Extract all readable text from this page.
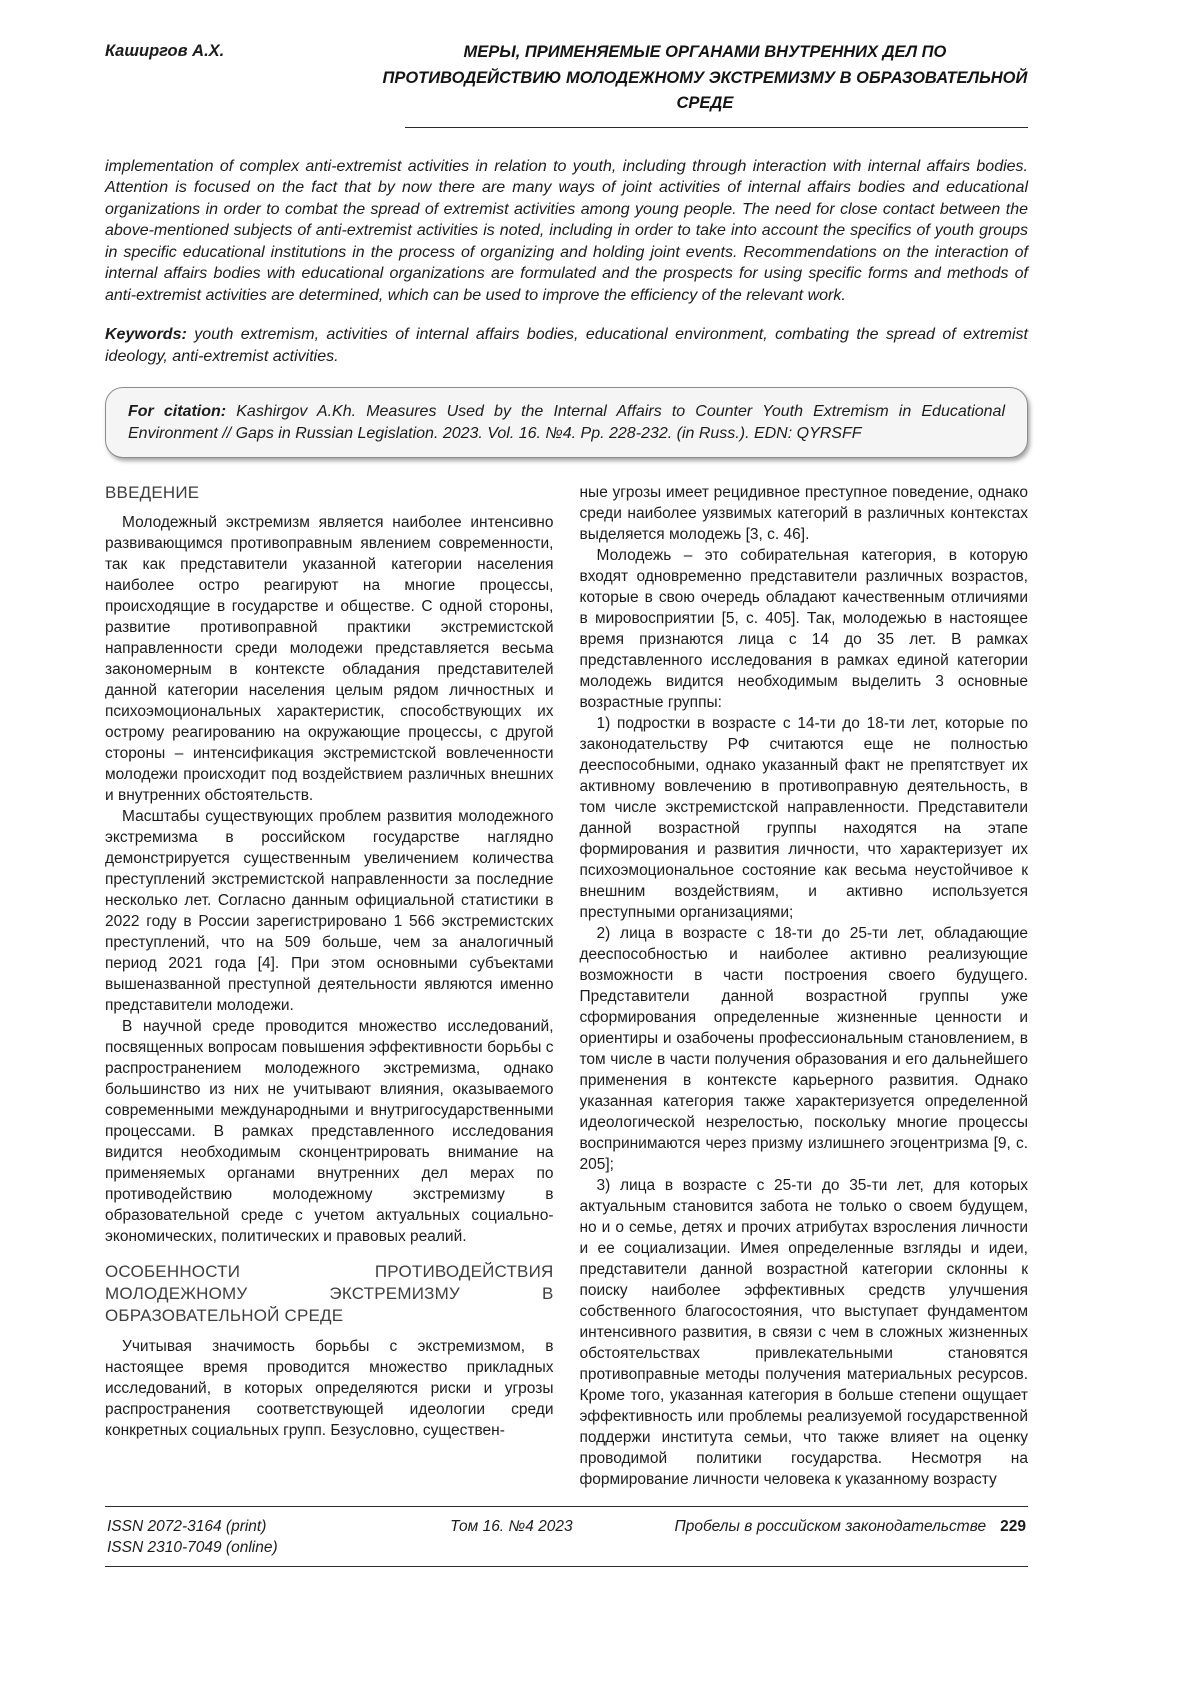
Каширгов А.Х.	МЕРЫ, ПРИМЕНЯЕМЫЕ ОРГАНАМИ ВНУТРЕННИХ ДЕЛ ПО ПРОТИВОДЕЙСТВИЮ МОЛОДЕЖНОМУ ЭКСТРЕМИЗМУ В ОБРАЗОВАТЕЛЬНОЙ СРЕДЕ

implementation of complex anti-extremist activities in relation to youth, including through interaction with internal affairs bodies. Attention is focused on the fact that by now there are many ways of joint activities of internal affairs bodies and educational organizations in order to combat the spread of extremist activities among young people. The need for close contact between the above-mentioned subjects of anti-extremist activities is noted, including in order to take into account the specifics of youth groups in specific educational institutions in the process of organizing and holding joint events. Recommendations on the interaction of internal affairs bodies with educational organizations are formulated and the prospects for using specific forms and methods of anti-extremist activities are determined, which can be used to improve the efficiency of the relevant work.

Keywords: youth extremism, activities of internal affairs bodies, educational environment, combating the spread of extremist ideology, anti-extremist activities.

For citation: Kashirgov A.Kh. Measures Used by the Internal Affairs to Counter Youth Extremism in Educational Environment // Gaps in Russian Legislation. 2023. Vol. 16. №4. Pp. 228-232. (in Russ.). EDN: QYRSFF
ВВЕДЕНИЕ

Молодежный экстремизм является наиболее интенсивно развивающимся противоправным явлением современности, так как представители указанной категории населения наиболее остро реагируют на многие процессы, происходящие в государстве и обществе. С одной стороны, развитие противоправной практики экстремистской направленности среди молодежи представляется весьма закономерным в контексте обладания представителей данной категории населения целым рядом личностных и психоэмоциональных характеристик, способствующих их острому реагированию на окружающие процессы, с другой стороны – интенсификация экстремистской вовлеченности молодежи происходит под воздействием различных внешних и внутренних обстоятельств.

Масштабы существующих проблем развития молодежного экстремизма в российском государстве наглядно демонстрируется существенным увеличением количества преступлений экстремистской направленности за последние несколько лет. Согласно данным официальной статистики в 2022 году в России зарегистрировано 1 566 экстремистских преступлений, что на 509 больше, чем за аналогичный период 2021 года [4]. При этом основными субъектами вышеназванной преступной деятельности являются именно представители молодежи.

В научной среде проводится множество исследований, посвященных вопросам повышения эффективности борьбы с распространением молодежного экстремизма, однако большинство из них не учитывают влияния, оказываемого современными международными и внутригосударственными процессами. В рамках представленного исследования видится необходимым сконцентрировать внимание на применяемых органами внутренних дел мерах по противодействию молодежному экстремизму в образовательной среде с учетом актуальных социально-экономических, политических и правовых реалий.

ОСОБЕННОСТИ ПРОТИВОДЕЙСТВИЯ МОЛОДЕЖНОМУ ЭКСТРЕМИЗМУ В ОБРАЗОВАТЕЛЬНОЙ СРЕДЕ

Учитывая значимость борьбы с экстремизмом, в настоящее время проводится множество прикладных исследований, в которых определяются риски и угрозы распространения соответствующей идеологии среди конкретных социальных групп. Безусловно, существен-

ные угрозы имеет рецидивное преступное поведение, однако среди наиболее уязвимых категорий в различных контекстах выделяется молодежь [3, с. 46].

Молодежь – это собирательная категория, в которую входят одновременно представители различных возрастов, которые в свою очередь обладают качественным отличиями в мировосприятии [5, с. 405]. Так, молодежью в настоящее время признаются лица с 14 до 35 лет. В рамках представленного исследования в рамках единой категории молодежь видится необходимым выделить 3 основные возрастные группы:

1) подростки в возрасте с 14-ти до 18-ти лет, которые по законодательству РФ считаются еще не полностью дееспособными, однако указанный факт не препятствует их активному вовлечению в противоправную деятельность, в том числе экстремистской направленности. Представители данной возрастной группы находятся на этапе формирования и развития личности, что характеризует их психоэмоциональное состояние как весьма неустойчивое к внешним воздействиям, и активно используется преступными организациями;

2) лица в возрасте с 18-ти до 25-ти лет, обладающие дееспособностью и наиболее активно реализующие возможности в части построения своего будущего. Представители данной возрастной группы уже сформирования определенные жизненные ценности и ориентиры и озабочены профессиональным становлением, в том числе в части получения образования и его дальнейшего применения в контексте карьерного развития. Однако указанная категория также характеризуется определенной идеологической незрелостью, поскольку многие процессы воспринимаются через призму излишнего эгоцентризма [9, с. 205];

3) лица в возрасте с 25-ти до 35-ти лет, для которых актуальным становится забота не только о своем будущем, но и о семье, детях и прочих атрибутах взросления личности и ее социализации. Имея определенные взгляды и идеи, представители данной возрастной категории склонны к поиску наиболее эффективных средств улучшения собственного благосостояния, что выступает фундаментом интенсивного развития, в связи с чем в сложных жизненных обстоятельствах привлекательными становятся противоправные методы получения материальных ресурсов. Кроме того, указанная категория в больше степени ощущает эффективность или проблемы реализуемой государственной поддержи института семьи, что также влияет на оценку проводимой политики государства. Несмотря на формирование личности человека к указанному возрасту

ISSN 2072-3164 (print)
ISSN 2310-7049 (online)
Том 16. №4 2023	Пробелы в российском законодательстве 229
